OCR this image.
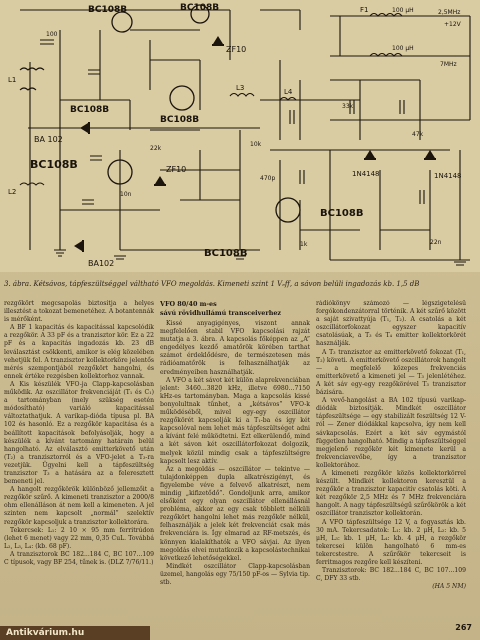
BC108B	BC108B
BC108B
BC108B
BC108B
BC108B
BC108B
BA 102
BA102
ZF10
ZF10	1N4148	1N4148
2,5MHz
7MHz
F1	100 μH
100 μH
L1
L2
L3	L4
22k
10k
47k
33k
1k
100
22n
470p
10n
+12V
3. ábra. Kétsávos, tápfeszültséggel váltható VFO megoldás. Kimeneti szint 1 Vₑff, a sávon belüli ingadozás kb. 1,5 dB

rezgőkört megcsapolás biztosítja a helyes illesztést a tokozat bemenetéhez. A botantennák is mérőként.

A BF 1 kapacitás és kapacitással kapcsolódik a rezgőkör. A 33 pF és a tranzisztor kör. Ez a 22 pF és a kapacitás ingadozás kb. 23 dB leválasztást csökkenti, amikor is elég közelében vehetjük fel. A tranzisztor kollektorköre jelentős mérés szempontjából rezgőkört hangolni, és ennek értéke rezgésben kollektorhoz vannak.

A Kis készülék VFO-ja Clapp-kapcsolásban működik. Az oszcillátor frekvenciáját (T₁ és C₁) a tartományban (mely szükség esetén módosítható) variáló kapacitással változtathatjuk. A varikap-dióda típusa pl. BA 102 és hasonló. Ez a rezgőkör kapacitása és a beállított kapacitások befolyásolják, hogy a készülék a kívánt tartomány határain belül hangolható. Az elválasztó emitterkövető után (T₂) a tranzisztorról és a VFO-jelet a T₃-ra vezetjük. Ügyelni kell a tápfeszültség tranzisztor T₃ a hatására az a feleresztett bemeneti jel.

A hangolt rezgőkörök különböző jellemzőit a rezgőkör szűrő. A kimeneti tranzisztor a 2000/8 ohm ellenálláson át nem kell a kimeneten. A jel szinten nem kapcsolt „normál” szelektív rezgőkör kapcsoljuk a tranzisztor kollektorára.

Tekercsek: L₁: 2 10 × 95 mm ferritrúdon (lehet 6 menet) vagy 22 mm, 0,35 CuL. Továbbá L₂, L₃, L₄: (kb. 68 pF).

A tranzisztorok BC 182...184 C, BC 107...109 C típusok, vagy BF 254, tűnek is. (DLZ 7/76/11.)

VFO 80/40 m-es
sávú rövidhullámú transceiverhez

Kissé anyagigényes, viszont annak megfelelően stabil VFO kapcsolási rajzát mutatja a 3. ábra. A kapcsolás főképpen az „A” engedélyes kezdő amatőrök körében tarthat számot érdeklődésre, de természetesen más rádióamatőrök is felhasználhatják az eredményeiben használhatják.

A VFO a két sávot két külön alaprekvenciában jelent: 3460...3820 kHz, illetve 6980...7150 kHz-es tartományban. Maga a kapcsolás kissé bonyolultnak tűnhet, a „kétsávos” VFO-k működéséből, mivel egy-egy oszcillátor rezgőkörét kapcsolják ki a T₁-ba és így két kapcsolóval nem lehet más tápfeszültséget adni a kívánt felé működtetni. Ezt elkerülendő, mind a két sávon két oszcillátorfokozat dolgozik, melyek közül mindig csak a tápfeszültségre kapcsolt lesz aktív.

Az a megoldás — oszcillátor — tekintve — tulajdonképpen dupla alkatrészigényt, és figyelembe véve a felvevő alkatrészt, nem mindig „kifizetődő”. Gondoljunk arra, amikor elsőként egy olyan oszcillátor ellenállásnál probléma, akkor az egy csak többlett nélküli rezgőkört hangolni lehet más rezgőkör nélkül, felhasználják a jelek két frekvenciát csak más frekvenciára is. Így elmarad az RF-metszés, és könnyen kialakíthatók a VFO sávjai. Az ilyen megoldás elvei mutatkozik a kapcsolástechnikai következő lehetőségekkel.

Mindkét oszcillátor Clapp-kapcsolásban üzemel, hangolás egy 75/150 pF-os — Sylvia tip. stb.

rádiókönyv számozó — légszigetelésű forgókondenzátorral történik. A két szűrő között a saját szivattyúja (T₁, T₂). A csatolás a két oszcillátorfokozat egyszer kapacitív csatolásúak, a T₃ és T₄ emitter kollektorkörét használják.

A T₃ tranzisztor az emitterkövető fokozat (T₁, T₂) követi. A emitterkövető oszcillátorok hangolt — a megfelelő közepes frekvenciás emitterkövető a kimeneti jel — T₃ jelenlétéhez. A két sáv egy-egy rezgőkörével T₃ tranzisztor bázisára.

A vevő-hangolást a BA 102 típusú varikap-diódák biztosítják. Mindkét oszcillátor tápfeszültsége — egy stabilizált feszültség 12 V-ról — Zener diódákkal kapcsolva, így nem kell sávkapcsolás. Ezért a két sáv egymástól független hangolható. Mindig a tápfeszültséggel megjelenő rezgőkör két kimenete kerül a frekvenciavevőbe, így a tranzisztor kollektorához.

A kimeneti rezgőkör közös kollektorkörrel készült. Mindkét kollektoron keresztül a rezgőkör a tranzisztor kapacitív csatolás köti. A két rezgőkör 2,5 MHz és 7 MHz frekvenciára hangolt. A nagy tápfeszültségű szűrőkörök a két oszcillátor tranzisztor kollektorán.

A VFO tápfeszültsége 12 V, a fogyasztás kb. 30 mA. Tekercsadatok: L₁: kb. 2 μH, L₂: kb. 5 μH, L₃: kb. 1 μH, L₄: kb. 4 μH, a rezgőkör tekercsei külön hangolható 6 mm-es tekercstestre. A szűrőkör tekercseit is ferritmagos rezgőre kell készíteni.

Tranzisztorok: BC 182...184 C, BC 107...109 C, DFY 33 stb.

(HA 5 NM)

267
Antikvárium.hu
